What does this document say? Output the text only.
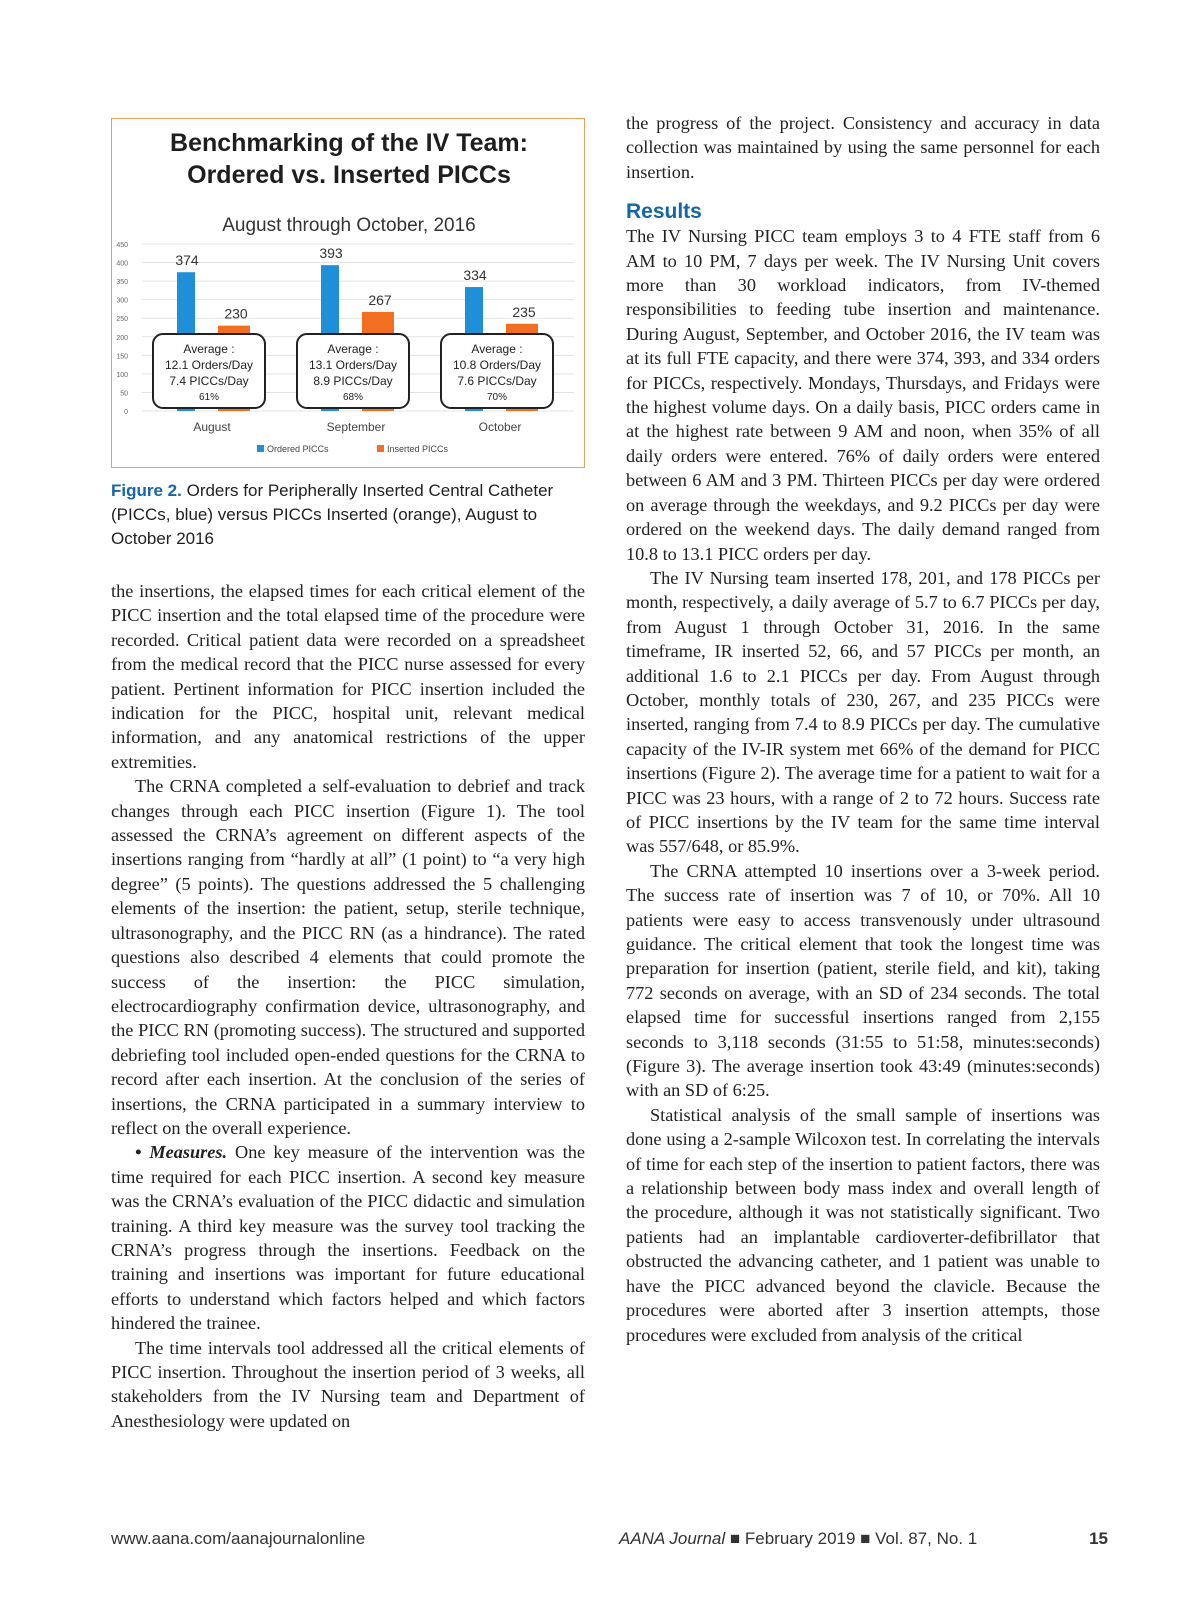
Benchmarking of the IV Team:
Ordered vs. Inserted PICCs
August through October, 2016
0
50
100
150
200
250
300
350
400
450
374
230
August
393
267
September
334
235
October
Average :
12.1 Orders/Day
7.4 PICCs/Day
61%
Average :
13.1 Orders/Day
8.9 PICCs/Day
68%
Average :
10.8 Orders/Day
7.6 PICCs/Day
70%
Ordered PICCs	Inserted PICCs
Figure 2. Orders for Peripherally Inserted Central Catheter (PICCs, blue) versus PICCs Inserted (orange), August to October 2016

the insertions, the elapsed times for each critical element of the PICC insertion and the total elapsed time of the procedure were recorded. Critical patient data were recorded on a spreadsheet from the medical record that the PICC nurse assessed for every patient. Pertinent information for PICC insertion included the indication for the PICC, hospital unit, relevant medical information, and any anatomical restrictions of the upper extremities.

The CRNA completed a self-evaluation to debrief and track changes through each PICC insertion (Figure 1). The tool assessed the CRNA’s agreement on different aspects of the insertions ranging from “hardly at all” (1 point) to “a very high degree” (5 points). The questions addressed the 5 challenging elements of the insertion: the patient, setup, sterile technique, ultrasonography, and the PICC RN (as a hindrance). The rated questions also described 4 elements that could promote the success of the insertion: the PICC simulation, electrocardiography confirmation device, ultrasonography, and the PICC RN (promoting success). The structured and supported debriefing tool included open-ended questions for the CRNA to record after each insertion. At the conclusion of the series of insertions, the CRNA participated in a summary interview to reflect on the overall experience.

• Measures. One key measure of the intervention was the time required for each PICC insertion. A second key measure was the CRNA’s evaluation of the PICC didactic and simulation training. A third key measure was the survey tool tracking the CRNA’s progress through the insertions. Feedback on the training and insertions was important for future educational efforts to understand which factors helped and which factors hindered the trainee.

The time intervals tool addressed all the critical elements of PICC insertion. Throughout the insertion period of 3 weeks, all stakeholders from the IV Nursing team and Department of Anesthesiology were updated on

the progress of the project. Consistency and accuracy in data collection was maintained by using the same personnel for each insertion.

Results

The IV Nursing PICC team employs 3 to 4 FTE staff from 6 AM to 10 PM, 7 days per week. The IV Nursing Unit covers more than 30 workload indicators, from IV-themed responsibilities to feeding tube insertion and maintenance. During August, September, and October 2016, the IV team was at its full FTE capacity, and there were 374, 393, and 334 orders for PICCs, respectively. Mondays, Thursdays, and Fridays were the highest volume days. On a daily basis, PICC orders came in at the highest rate between 9 AM and noon, when 35% of all daily orders were entered. 76% of daily orders were entered between 6 AM and 3 PM. Thirteen PICCs per day were ordered on average through the weekdays, and 9.2 PICCs per day were ordered on the weekend days. The daily demand ranged from 10.8 to 13.1 PICC orders per day.

The IV Nursing team inserted 178, 201, and 178 PICCs per month, respectively, a daily average of 5.7 to 6.7 PICCs per day, from August 1 through October 31, 2016. In the same timeframe, IR inserted 52, 66, and 57 PICCs per month, an additional 1.6 to 2.1 PICCs per day. From August through October, monthly totals of 230, 267, and 235 PICCs were inserted, ranging from 7.4 to 8.9 PICCs per day. The cumulative capacity of the IV-IR system met 66% of the demand for PICC insertions (Figure 2). The average time for a patient to wait for a PICC was 23 hours, with a range of 2 to 72 hours. Success rate of PICC insertions by the IV team for the same time interval was 557/648, or 85.9%.

The CRNA attempted 10 insertions over a 3-week period. The success rate of insertion was 7 of 10, or 70%. All 10 patients were easy to access transvenously under ultrasound guidance. The critical element that took the longest time was preparation for insertion (patient, sterile field, and kit), taking 772 seconds on average, with an SD of 234 seconds. The total elapsed time for successful insertions ranged from 2,155 seconds to 3,118 seconds (31:55 to 51:58, minutes:seconds) (Figure 3). The average insertion took 43:49 (minutes:seconds) with an SD of 6:25.

Statistical analysis of the small sample of insertions was done using a 2-sample Wilcoxon test. In correlating the intervals of time for each step of the insertion to patient factors, there was a relationship between body mass index and overall length of the procedure, although it was not statistically significant. Two patients had an implantable cardioverter-defibrillator that obstructed the advancing catheter, and 1 patient was unable to have the PICC advanced beyond the clavicle. Because the procedures were aborted after 3 insertion attempts, those procedures were excluded from analysis of the critical

www.aana.com/aanajournalonline	AANA Journal ■ February 2019 ■ Vol. 87, No. 1	15
